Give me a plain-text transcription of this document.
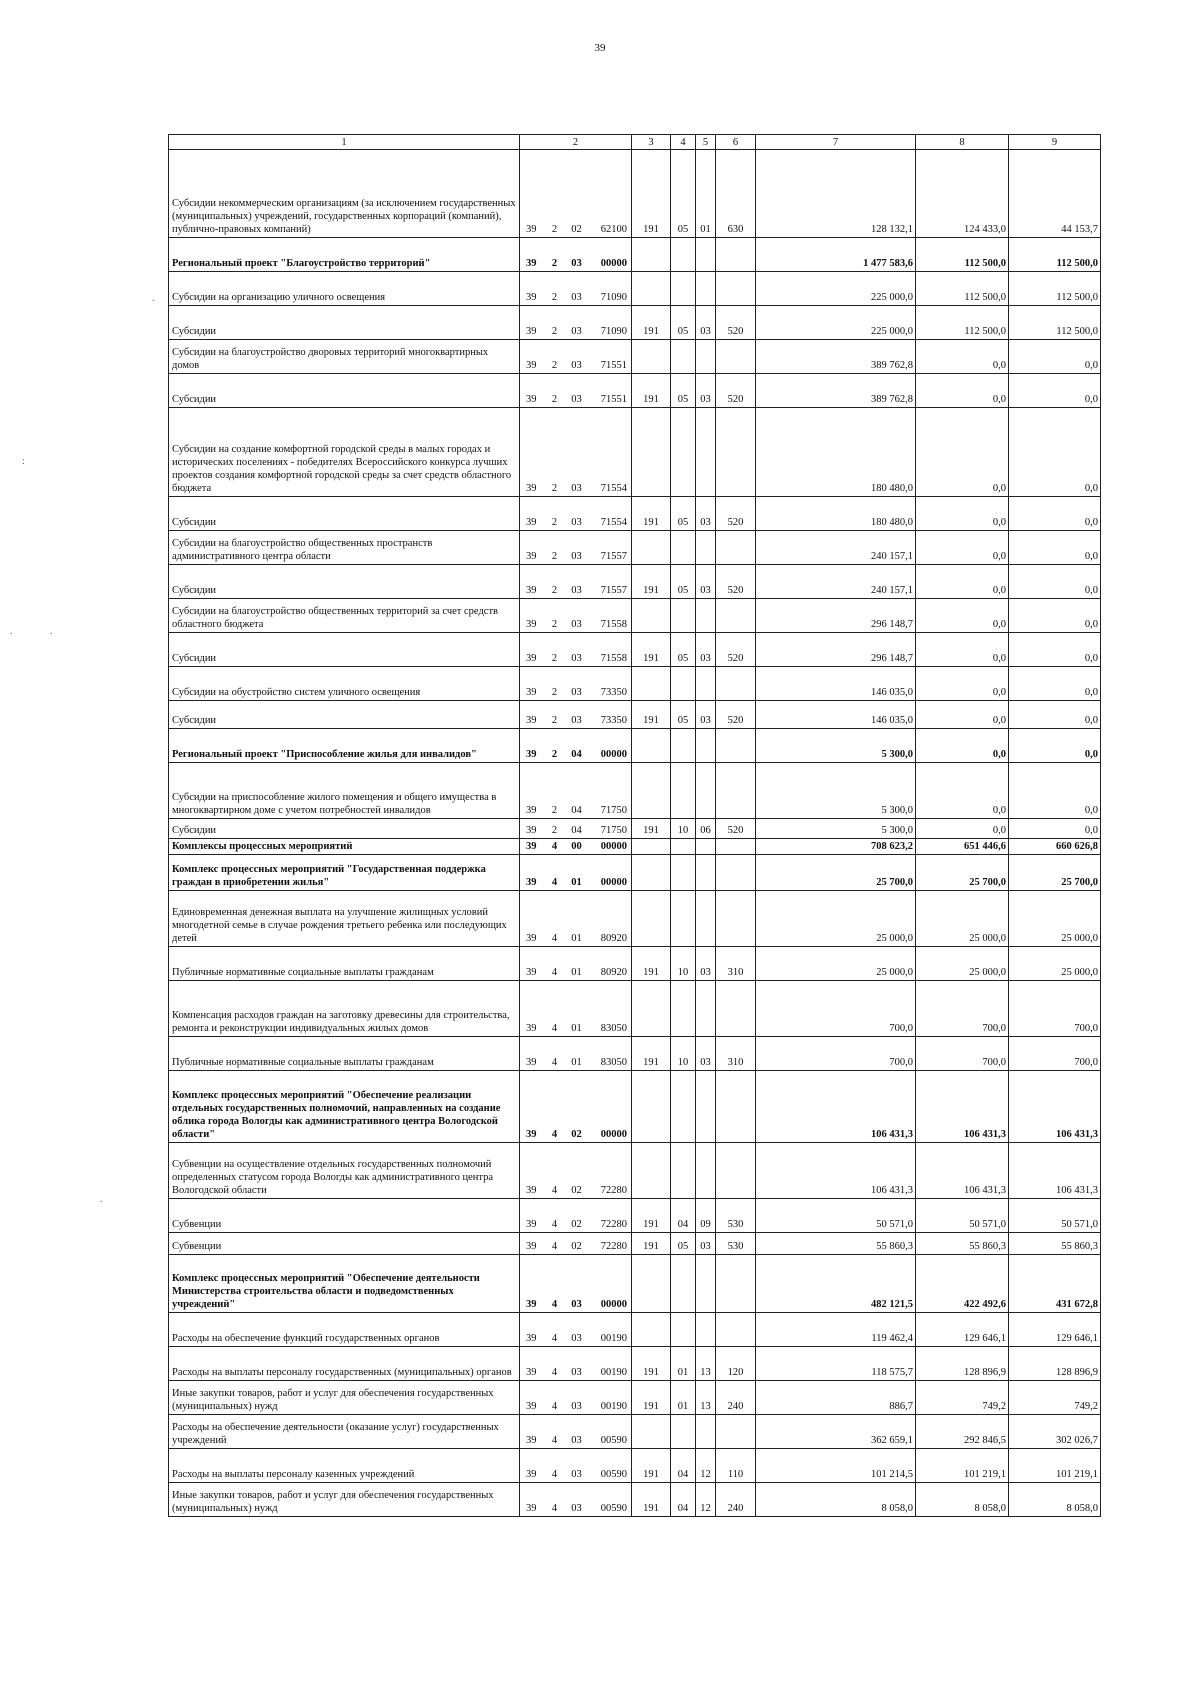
39
1	2				3	4	5	6	7	8	9
Субсидии некоммерческим организациям (за исключением государственных (муниципальных) учреждений, государственных корпораций (компаний), публично-правовых компаний)	39	2	02	62100	191	05	01	630	128 132,1	124 433,0	44 153,7
Региональный проект "Благоустройство территорий"	39	2	03	00000					1 477 583,6	112 500,0	112 500,0
Субсидии на организацию уличного освещения	39	2	03	71090					225 000,0	112 500,0	112 500,0
Субсидии	39	2	03	71090	191	05	03	520	225 000,0	112 500,0	112 500,0
Субсидии на благоустройство дворовых территорий многоквартирных домов	39	2	03	71551					389 762,8	0,0	0,0
Субсидии	39	2	03	71551	191	05	03	520	389 762,8	0,0	0,0
Субсидии на создание комфортной городской среды в малых городах и исторических поселениях - победителях Всероссийского конкурса лучших проектов создания комфортной городской среды за счет средств областного бюджета	39	2	03	71554					180 480,0	0,0	0,0
Субсидии	39	2	03	71554	191	05	03	520	180 480,0	0,0	0,0
Субсидии на благоустройство общественных пространств административного центра области	39	2	03	71557					240 157,1	0,0	0,0
Субсидии	39	2	03	71557	191	05	03	520	240 157,1	0,0	0,0
Субсидии на благоустройство общественных территорий за счет средств областного бюджета	39	2	03	71558					296 148,7	0,0	0,0
Субсидии	39	2	03	71558	191	05	03	520	296 148,7	0,0	0,0
Субсидии на обустройство систем уличного освещения	39	2	03	73350					146 035,0	0,0	0,0
Субсидии	39	2	03	73350	191	05	03	520	146 035,0	0,0	0,0
Региональный проект "Приспособление жилья для инвалидов"	39	2	04	00000					5 300,0	0,0	0,0
Субсидии на приспособление жилого помещения и общего имущества в многоквартирном доме с учетом потребностей инвалидов	39	2	04	71750					5 300,0	0,0	0,0
Субсидии	39	2	04	71750	191	10	06	520	5 300,0	0,0	0,0
Комплексы процессных мероприятий	39	4	00	00000					708 623,2	651 446,6	660 626,8
Комплекс процессных мероприятий "Государственная поддержка граждан в приобретении жилья"	39	4	01	00000					25 700,0	25 700,0	25 700,0
Единовременная денежная выплата на улучшение жилищных условий многодетной семье в случае рождения третьего ребенка или последующих детей	39	4	01	80920					25 000,0	25 000,0	25 000,0
Публичные нормативные социальные выплаты гражданам	39	4	01	80920	191	10	03	310	25 000,0	25 000,0	25 000,0
Компенсация расходов граждан на заготовку древесины для строительства, ремонта и реконструкции индивидуальных жилых домов	39	4	01	83050					700,0	700,0	700,0
Публичные нормативные социальные выплаты гражданам	39	4	01	83050	191	10	03	310	700,0	700,0	700,0
Комплекс процессных мероприятий "Обеспечение реализации отдельных государственных полномочий, направленных на создание облика города Вологды как административного центра Вологодской области"	39	4	02	00000					106 431,3	106 431,3	106 431,3
Субвенции на осуществление отдельных государственных полномочий определенных статусом города Вологды как административного центра Вологодской области	39	4	02	72280					106 431,3	106 431,3	106 431,3
Субвенции	39	4	02	72280	191	04	09	530	50 571,0	50 571,0	50 571,0
Субвенции	39	4	02	72280	191	05	03	530	55 860,3	55 860,3	55 860,3
Комплекс процессных мероприятий "Обеспечение деятельности Министерства строительства области и подведомственных учреждений"	39	4	03	00000					482 121,5	422 492,6	431 672,8
Расходы на обеспечение функций государственных органов	39	4	03	00190					119 462,4	129 646,1	129 646,1
Расходы на выплаты персоналу государственных (муниципальных) органов	39	4	03	00190	191	01	13	120	118 575,7	128 896,9	128 896,9
Иные закупки товаров, работ и услуг для обеспечения государственных (муниципальных) нужд	39	4	03	00190	191	01	13	240	886,7	749,2	749,2
Расходы на обеспечение деятельности (оказание услуг) государственных учреждений	39	4	03	00590					362 659,1	292 846,5	302 026,7
Расходы на выплаты персоналу казенных учреждений	39	4	03	00590	191	04	12	110	101 214,5	101 219,1	101 219,1
Иные закупки товаров, работ и услуг для обеспечения государственных (муниципальных) нужд	39	4	03	00590	191	04	12	240	8 058,0	8 058,0	8 058,0
.
:
.	.
.
